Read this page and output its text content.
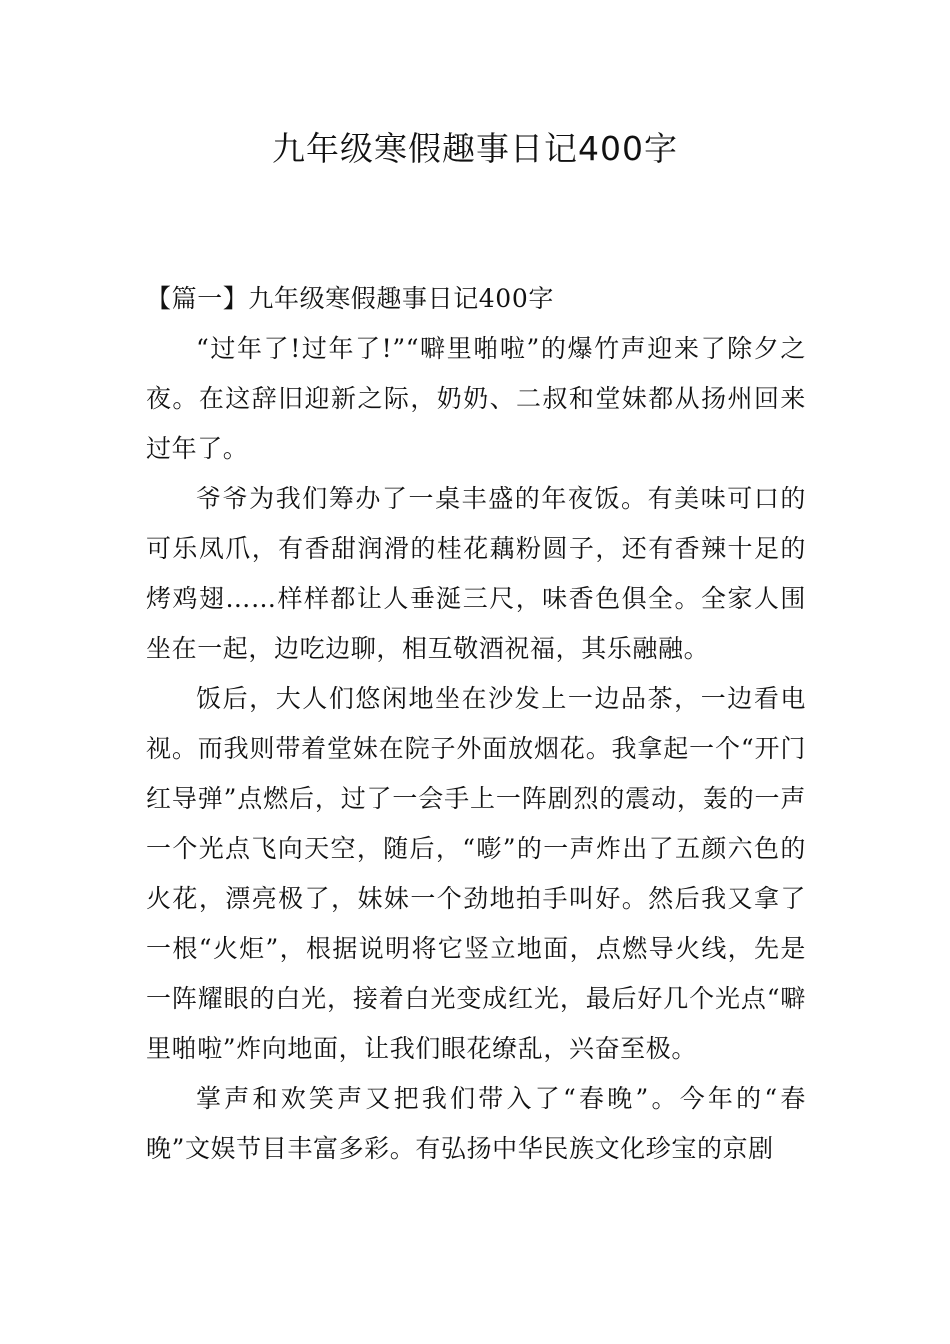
九年级寒假趣事日记400字
【篇一】九年级寒假趣事日记400字

“过年了!过年了!”“噼里啪啦”的爆竹声迎来了除夕之夜。在这辞旧迎新之际，奶奶、二叔和堂妹都从扬州回来过年了。

爷爷为我们筹办了一桌丰盛的年夜饭。有美味可口的可乐凤爪，有香甜润滑的桂花藕粉圆子，还有香辣十足的烤鸡翅……样样都让人垂涎三尺，味香色俱全。全家人围坐在一起，边吃边聊，相互敬酒祝福，其乐融融。

饭后，大人们悠闲地坐在沙发上一边品茶，一边看电视。而我则带着堂妹在院子外面放烟花。我拿起一个“开门红导弹”点燃后，过了一会手上一阵剧烈的震动，轰的一声一个光点飞向天空，随后，“嘭”的一声炸出了五颜六色的火花，漂亮极了，妹妹一个劲地拍手叫好。然后我又拿了一根“火炬”，根据说明将它竖立地面，点燃导火线，先是一阵耀眼的白光，接着白光变成红光，最后好几个光点“噼里啪啦”炸向地面，让我们眼花缭乱，兴奋至极。

掌声和欢笑声又把我们带入了“春晚”。今年的“春晚”文娱节目丰富多彩。有弘扬中华民族文化珍宝的京剧
